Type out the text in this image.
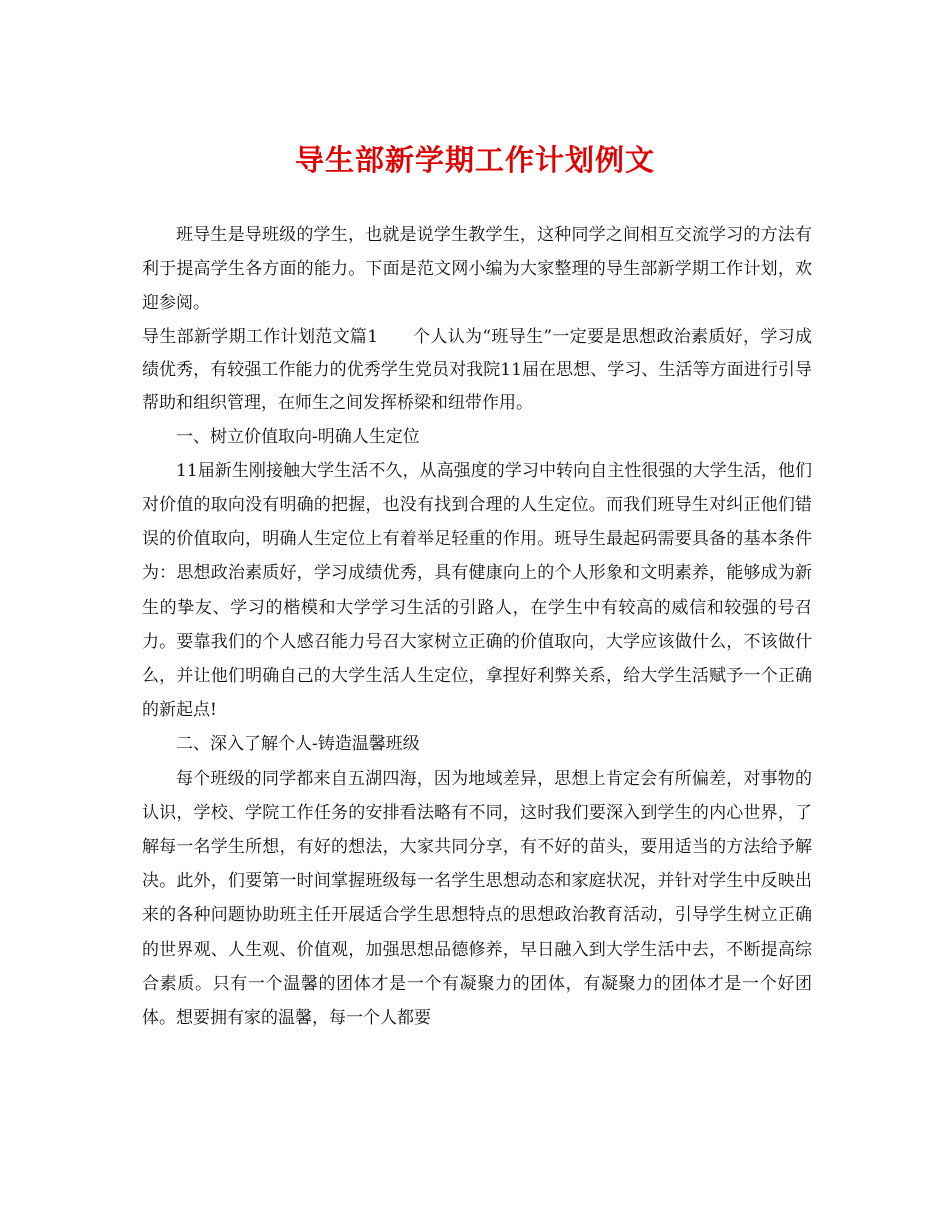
导生部新学期工作计划例文

班导生是导班级的学生，也就是说学生教学生，这种同学之间相互交流学习的方法有利于提高学生各方面的能力。下面是范文网小编为大家整理的导生部新学期工作计划，欢迎参阅。

导生部新学期工作计划范文篇1　　个人认为“班导生”一定要是思想政治素质好，学习成绩优秀，有较强工作能力的优秀学生党员对我院11届在思想、学习、生活等方面进行引导帮助和组织管理，在师生之间发挥桥梁和纽带作用。

一、树立价值取向-明确人生定位

11届新生刚接触大学生活不久，从高强度的学习中转向自主性很强的大学生活，他们对价值的取向没有明确的把握，也没有找到合理的人生定位。而我们班导生对纠正他们错误的价值取向，明确人生定位上有着举足轻重的作用。班导生最起码需要具备的基本条件为：思想政治素质好，学习成绩优秀，具有健康向上的个人形象和文明素养，能够成为新生的挚友、学习的楷模和大学学习生活的引路人，在学生中有较高的威信和较强的号召力。要靠我们的个人感召能力号召大家树立正确的价值取向，大学应该做什么，不该做什么，并让他们明确自己的大学生活人生定位，拿捏好利弊关系，给大学生活赋予一个正确的新起点!

二、深入了解个人-铸造温馨班级

每个班级的同学都来自五湖四海，因为地域差异，思想上肯定会有所偏差，对事物的认识，学校、学院工作任务的安排看法略有不同，这时我们要深入到学生的内心世界，了解每一名学生所想，有好的想法，大家共同分享，有不好的苗头，要用适当的方法给予解决。此外，们要第一时间掌握班级每一名学生思想动态和家庭状况，并针对学生中反映出来的各种问题协助班主任开展适合学生思想特点的思想政治教育活动，引导学生树立正确的世界观、人生观、价值观，加强思想品德修养，早日融入到大学生活中去，不断提高综合素质。只有一个温馨的团体才是一个有凝聚力的团体，有凝聚力的团体才是一个好团体。想要拥有家的温馨，每一个人都要
